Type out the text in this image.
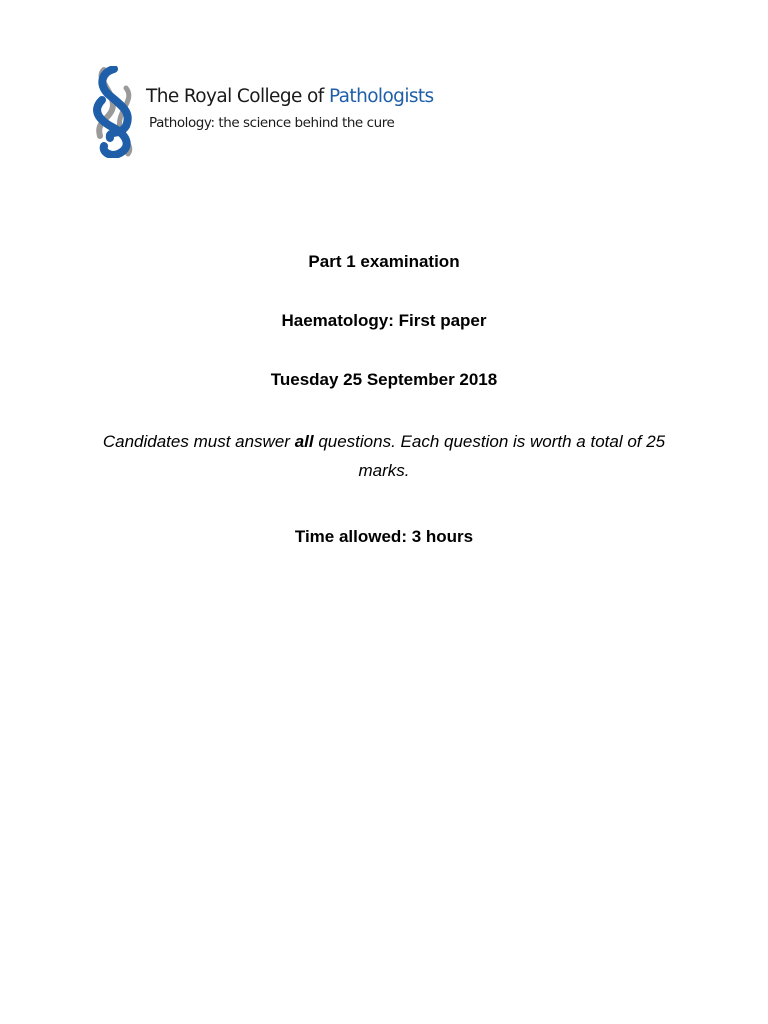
The Royal College of Pathologists
Pathology: the science behind the cure
Part 1 examination
Haematology: First paper
Tuesday 25 September 2018
Candidates must answer all questions. Each question is worth a total of 25 marks.
Time allowed: 3 hours
